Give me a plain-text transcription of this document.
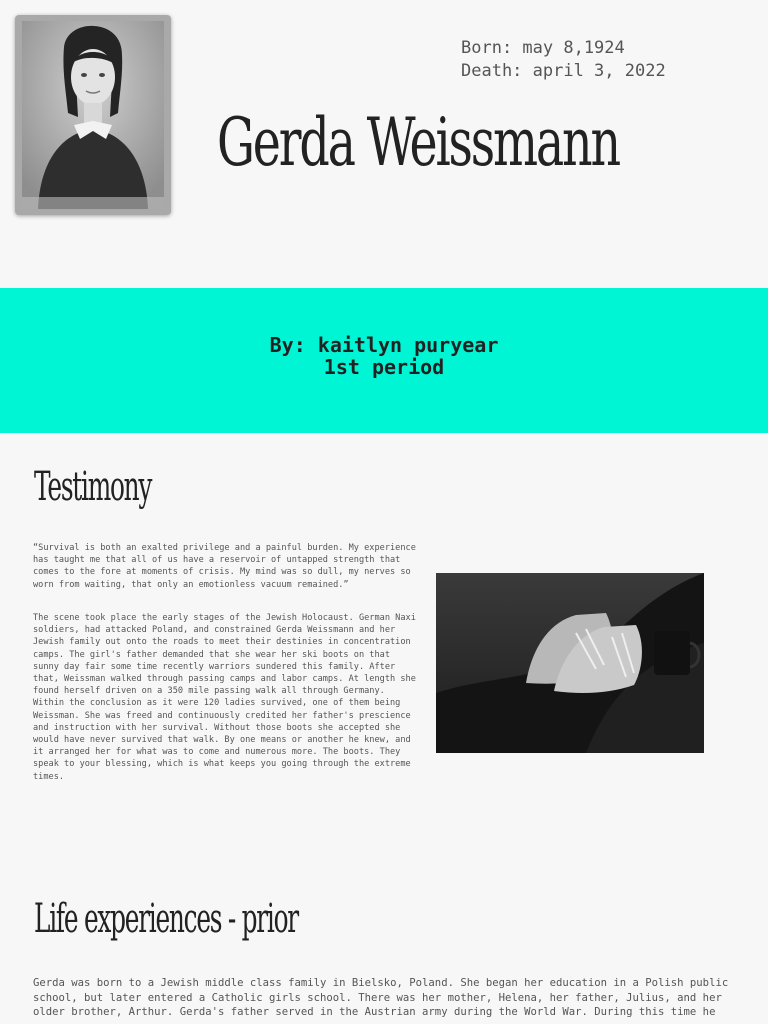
Born: may 8,1924
Death: april 3, 2022
Gerda Weissmann
By: kaitlyn puryear
1st period
Testimony

“Survival is both an exalted privilege and a painful burden. My experience has taught me that all of us have a reservoir of untapped strength that comes to the fore at moments of crisis. My mind was so dull, my nerves so worn from waiting, that only an emotionless vacuum remained.”

The scene took place the early stages of the Jewish Holocaust. German Naxi soldiers, had attacked Poland, and constrained Gerda Weissmann and her Jewish family out onto the roads to meet their destinies in concentration camps. The girl's father demanded that she wear her ski boots on that sunny day fair some time recently warriors sundered this family. After that, Weissman walked through passing camps and labor camps. At length she found herself driven on a 350 mile passing walk all through Germany. Within the conclusion as it were 120 ladies survived, one of them being Weissman. She was freed and continuously credited her father's prescience and instruction with her survival. Without those boots she accepted she would have never survived that walk. By one means or another he knew, and it arranged her for what was to come and numerous more. The boots. They speak to your blessing, which is what keeps you going through the extreme times.

Life experiences - prior

Gerda was born to a Jewish middle class family in Bielsko, Poland. She began her education in a Polish public school, but later entered a Catholic girls school. There was her mother, Helena, her father, Julius, and her older brother, Arthur. Gerda's father served in the Austrian army during the World War. During this time he
